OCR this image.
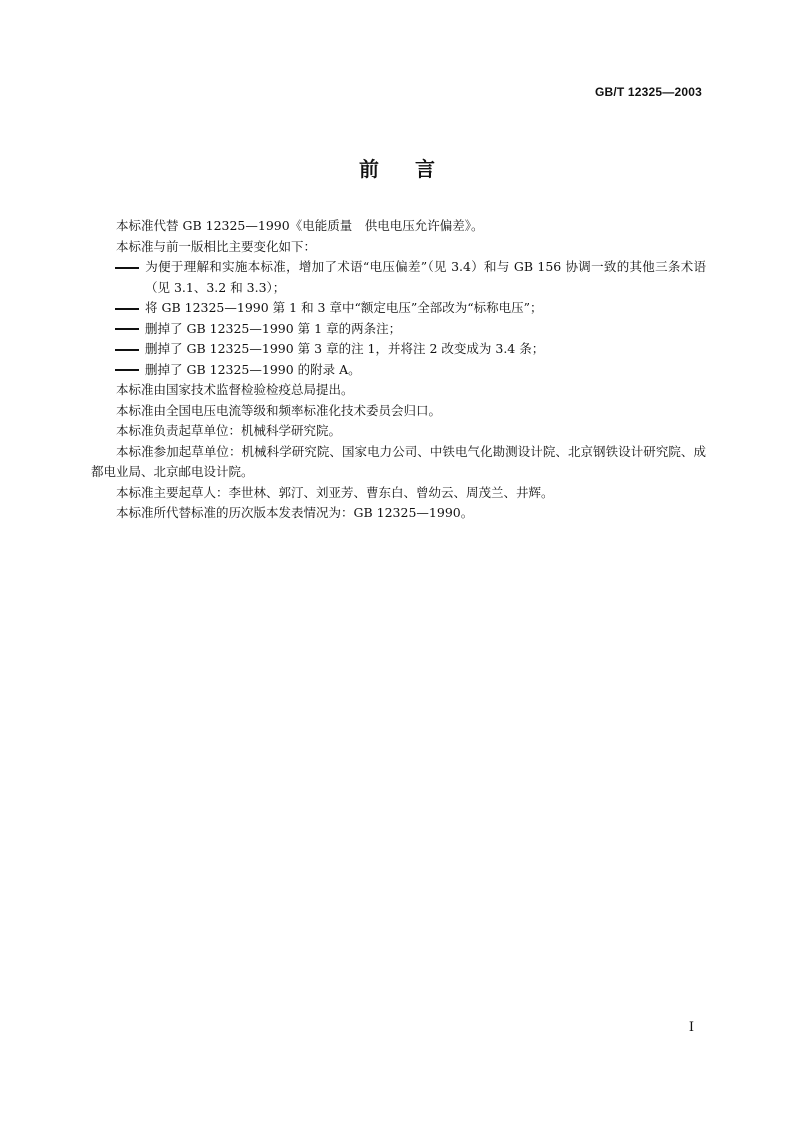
GB/T 12325—2003
前言

本标准代替 GB 12325—1990《电能质量　供电电压允许偏差》。

本标准与前一版相比主要变化如下：

为便于理解和实施本标准，增加了术语“电压偏差”（见 3.4）和与 GB 156 协调一致的其他三条术语（见 3.1、3.2 和 3.3）；

将 GB 12325—1990 第 1 和 3 章中“额定电压”全部改为“标称电压”；

删掉了 GB 12325—1990 第 1 章的两条注；

删掉了 GB 12325—1990 第 3 章的注 1，并将注 2 改变成为 3.4 条；

删掉了 GB 12325—1990 的附录 A。

本标准由国家技术监督检验检疫总局提出。

本标准由全国电压电流等级和频率标准化技术委员会归口。

本标准负责起草单位：机械科学研究院。

本标准参加起草单位：机械科学研究院、国家电力公司、中铁电气化勘测设计院、北京钢铁设计研究院、成都电业局、北京邮电设计院。

本标准主要起草人：李世林、郭汀、刘亚芳、曹东白、曾幼云、周茂兰、井辉。

本标准所代替标准的历次版本发表情况为：GB 12325—1990。

I
